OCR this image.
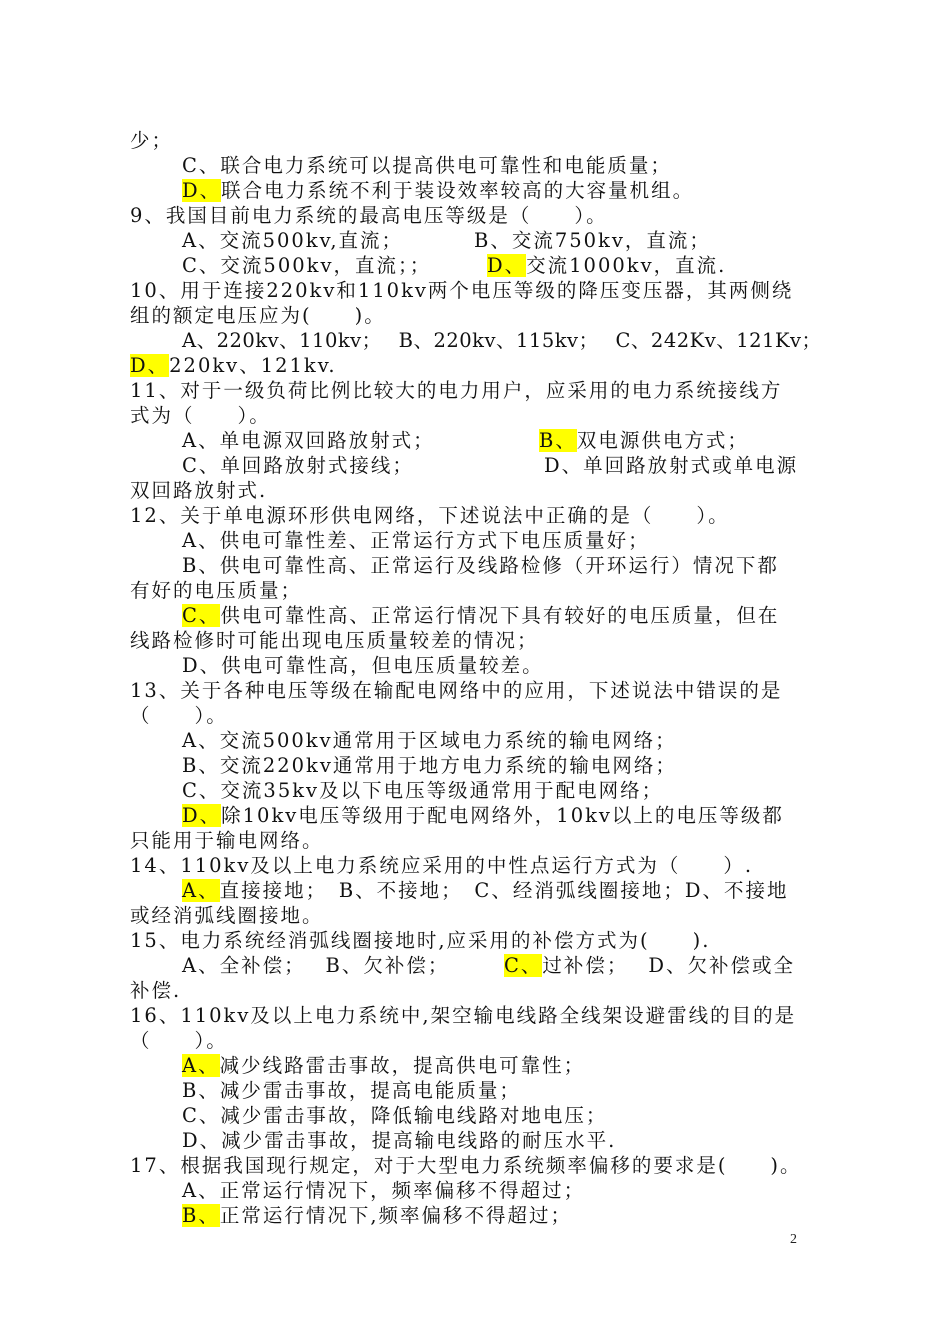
少；
C、联合电力系统可以提高供电可靠性和电能质量；
D、联合电力系统不利于装设效率较高的大容量机组。
9、我国目前电力系统的最高电压等级是（　　）。
A、交流500kv,直流；	B、交流750kv，直流；
C、交流500kv，直流；；	D、交流1000kv，直流.
10、用于连接220kv和110kv两个电压等级的降压变压器，其两侧绕
组的额定电压应为(　　)。
A、220kv、110kv；　 B、220kv、115kv；　 C、242Kv、121Kv；
D、220kv、121kv.
11、对于一级负荷比例比较大的电力用户，应采用的电力系统接线方
式为（　　）。
A、单电源双回路放射式；	B、双电源供电方式；
C、单回路放射式接线；	D、单回路放射式或单电源
双回路放射式.
12、关于单电源环形供电网络，下述说法中正确的是（　　）。
A、供电可靠性差、正常运行方式下电压质量好；
B、供电可靠性高、正常运行及线路检修（开环运行）情况下都
有好的电压质量；
C、供电可靠性高、正常运行情况下具有较好的电压质量，但在
线路检修时可能出现电压质量较差的情况；
D、供电可靠性高，但电压质量较差。
13、关于各种电压等级在输配电网络中的应用，下述说法中错误的是
（　　）。
A、交流500kv通常用于区域电力系统的输电网络；
B、交流220kv通常用于地方电力系统的输电网络；
C、交流35kv及以下电压等级通常用于配电网络；
D、除10kv电压等级用于配电网络外，10kv以上的电压等级都
只能用于输电网络。
14、110kv及以上电力系统应采用的中性点运行方式为（　　）.
A、直接接地；　B、不接地；　C、经消弧线圈接地；D、不接地
或经消弧线圈接地。
15、电力系统经消弧线圈接地时,应采用的补偿方式为(　　).
A、全补偿；　 B、欠补偿；	C、过补偿；　 D、欠补偿或全
补偿.
16、110kv及以上电力系统中,架空输电线路全线架设避雷线的目的是
（　　）。
A、减少线路雷击事故，提高供电可靠性；
B、减少雷击事故，提高电能质量；
C、减少雷击事故，降低输电线路对地电压；
D、减少雷击事故，提高输电线路的耐压水平.
17、根据我国现行规定，对于大型电力系统频率偏移的要求是(　　)。
A、正常运行情况下，频率偏移不得超过；
B、正常运行情况下,频率偏移不得超过；
2
